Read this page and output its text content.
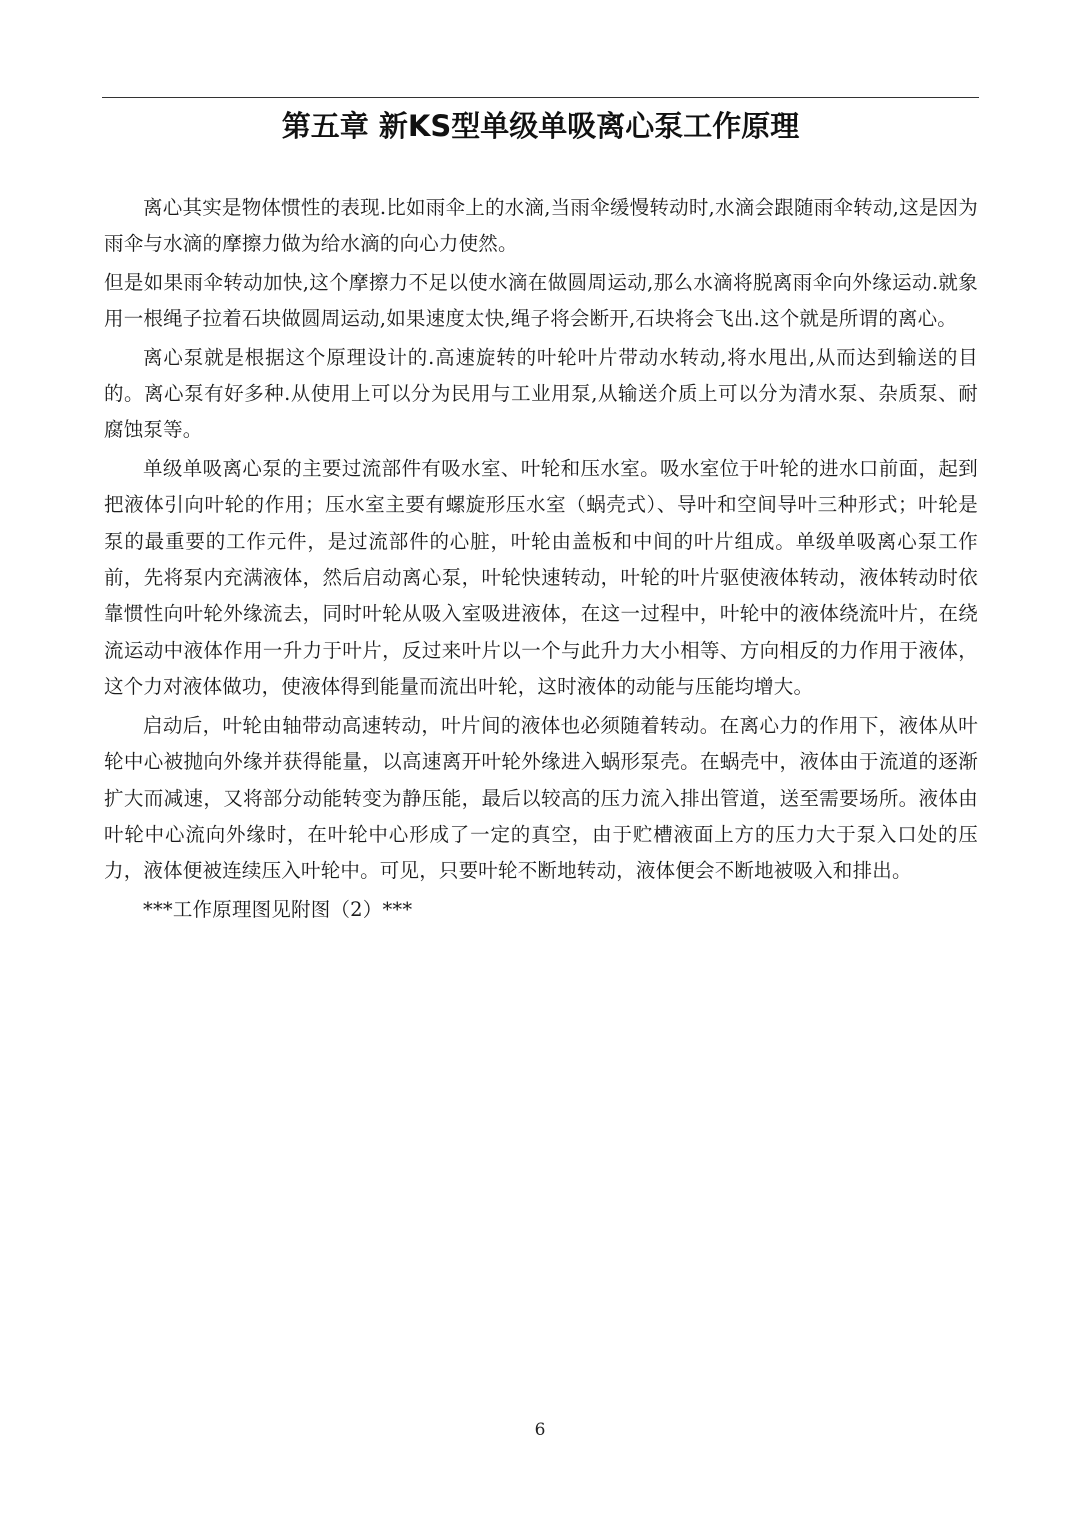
第五章 新KS型单级单吸离心泵工作原理

离心其实是物体惯性的表现.比如雨伞上的水滴,当雨伞缓慢转动时,水滴会跟随雨伞转动,这是因为雨伞与水滴的摩擦力做为给水滴的向心力使然。

但是如果雨伞转动加快,这个摩擦力不足以使水滴在做圆周运动,那么水滴将脱离雨伞向外缘运动.就象用一根绳子拉着石块做圆周运动,如果速度太快,绳子将会断开,石块将会飞出.这个就是所谓的离心。

离心泵就是根据这个原理设计的.高速旋转的叶轮叶片带动水转动,将水甩出,从而达到输送的目的。离心泵有好多种.从使用上可以分为民用与工业用泵,从输送介质上可以分为清水泵、杂质泵、耐腐蚀泵等。

单级单吸离心泵的主要过流部件有吸水室、叶轮和压水室。吸水室位于叶轮的进水口前面，起到把液体引向叶轮的作用；压水室主要有螺旋形压水室（蜗壳式）、导叶和空间导叶三种形式；叶轮是泵的最重要的工作元件，是过流部件的心脏，叶轮由盖板和中间的叶片组成。单级单吸离心泵工作前，先将泵内充满液体，然后启动离心泵，叶轮快速转动，叶轮的叶片驱使液体转动，液体转动时依靠惯性向叶轮外缘流去，同时叶轮从吸入室吸进液体，在这一过程中，叶轮中的液体绕流叶片，在绕流运动中液体作用一升力于叶片，反过来叶片以一个与此升力大小相等、方向相反的力作用于液体，这个力对液体做功，使液体得到能量而流出叶轮，这时液体的动能与压能均增大。

启动后，叶轮由轴带动高速转动，叶片间的液体也必须随着转动。在离心力的作用下，液体从叶轮中心被抛向外缘并获得能量，以高速离开叶轮外缘进入蜗形泵壳。在蜗壳中，液体由于流道的逐渐扩大而减速，又将部分动能转变为静压能，最后以较高的压力流入排出管道，送至需要场所。液体由叶轮中心流向外缘时，在叶轮中心形成了一定的真空，由于贮槽液面上方的压力大于泵入口处的压力，液体便被连续压入叶轮中。可见，只要叶轮不断地转动，液体便会不断地被吸入和排出。

***工作原理图见附图（2）***

6
